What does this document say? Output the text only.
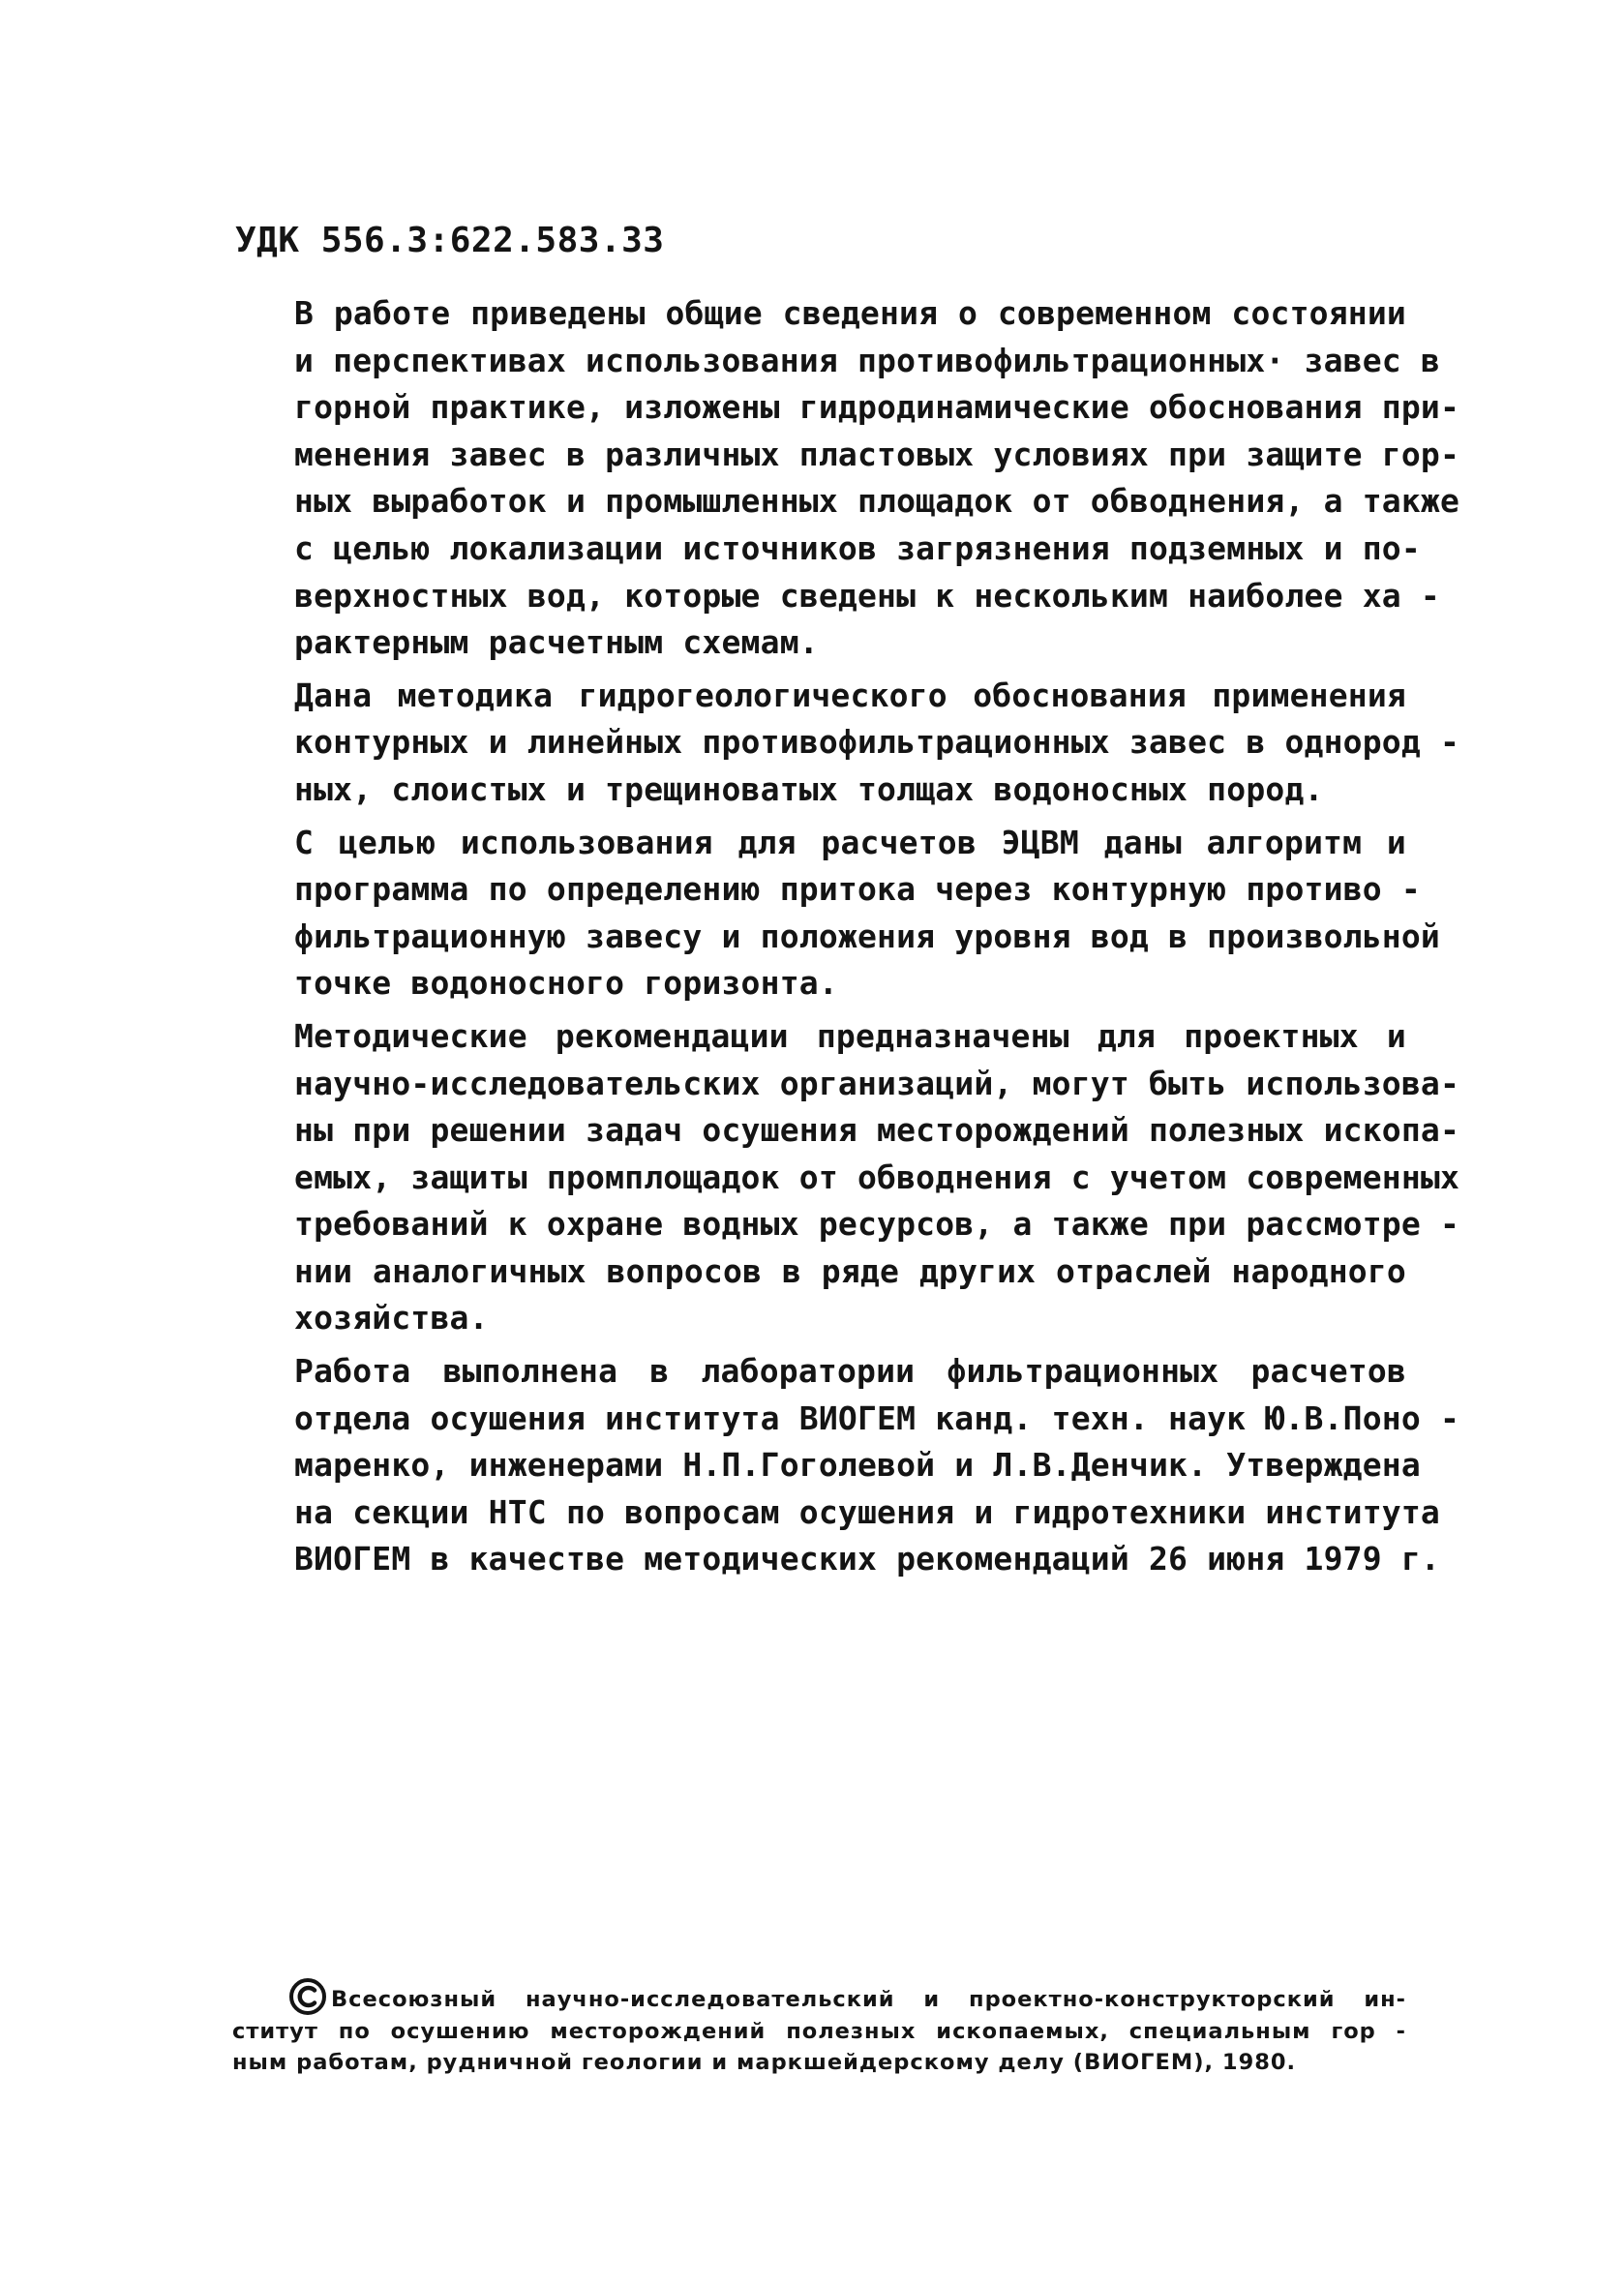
УДК 556.3:622.583.33
В работе приведены общие сведения о современном состоянии
и перспективах использования противофильтрационных· завес в
горной практике, изложены гидродинамические обоснования при-
менения завес в различных пластовых условиях при защите гор-
ных выработок и промышленных площадок от обводнения, а также
с целью локализации источников загрязнения подземных и по-
верхностных вод, которые сведены к нескольким наиболее ха -
рактерным расчетным схемам.
Дана методика гидрогеологического обоснования применения
контурных и линейных противофильтрационных завес в однород -
ных, слоистых и трещиноватых толщах водоносных пород.
С целью использования для расчетов ЭЦВМ даны алгоритм и
программа по определению притока через контурную противо -
фильтрационную завесу и положения уровня вод в произвольной
точке водоносного горизонта.
Методические рекомендации предназначены для проектных и
научно-исследовательских организаций, могут быть использова-
ны при решении задач осушения месторождений полезных ископа-
емых, защиты промплощадок от обводнения с учетом современных
требований к охране водных ресурсов, а также при рассмотре -
нии аналогичных вопросов в ряде других отраслей народного
хозяйства.
Работа выполнена в лаборатории фильтрационных расчетов
отдела осушения института ВИОГЕМ канд. техн. наук Ю.В.Поно -
маренко, инженерами Н.П.Гоголевой и Л.В.Денчик. Утверждена
на секции НТС по вопросам осушения и гидротехники института
ВИОГЕМ в качестве методических рекомендаций 26 июня 1979 г.
©
Всесоюзный научно-исследовательский и проектно-конструкторский ин-
ститут по осушению месторождений полезных ископаемых, специальным гор -
ным работам, рудничной геологии и маркшейдерскому делу (ВИОГЕМ), 1980.
